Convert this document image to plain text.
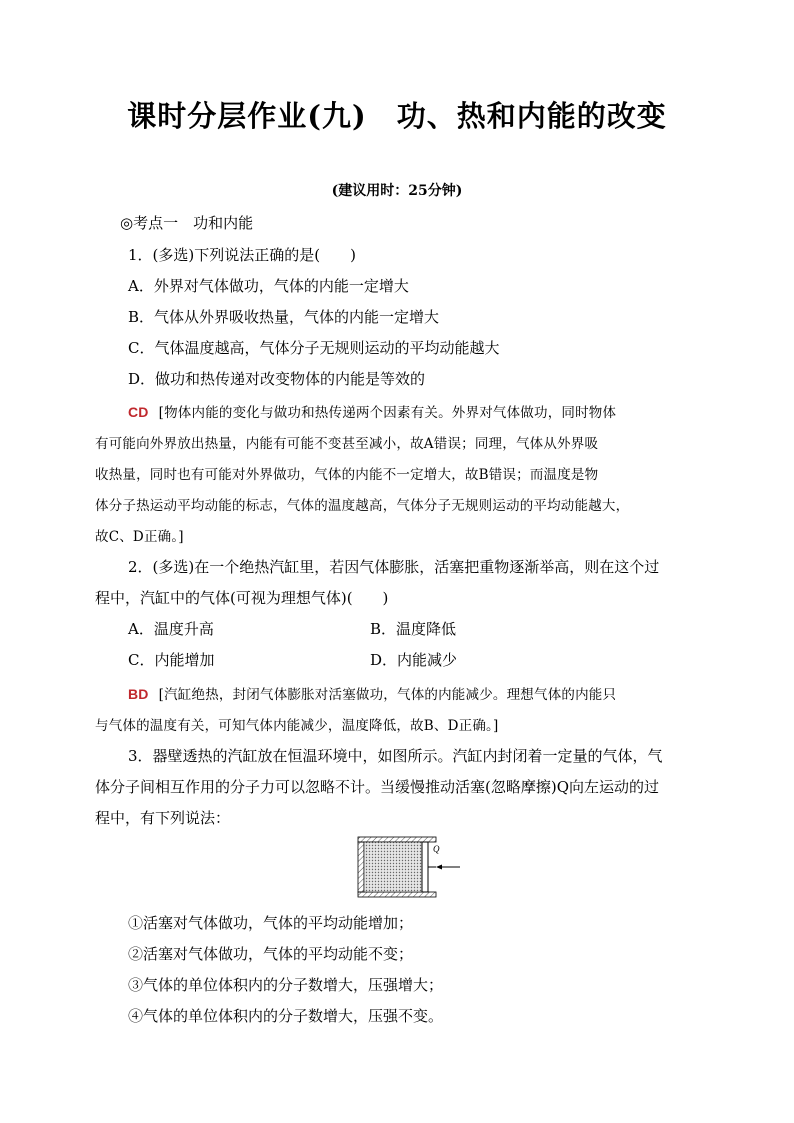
课时分层作业(九)　功、热和内能的改变
(建议用时：25分钟)
◎考点一　功和内能
1．(多选)下列说法正确的是(　　)
A．外界对气体做功，气体的内能一定增大
B．气体从外界吸收热量，气体的内能一定增大
C．气体温度越高，气体分子无规则运动的平均动能越大
D．做功和热传递对改变物体的内能是等效的
CD [物体内能的变化与做功和热传递两个因素有关。外界对气体做功，同时物体
有可能向外界放出热量，内能有可能不变甚至减小，故A错误；同理，气体从外界吸
收热量，同时也有可能对外界做功，气体的内能不一定增大，故B错误；而温度是物
体分子热运动平均动能的标志，气体的温度越高，气体分子无规则运动的平均动能越大，
故C、D正确。]
2．(多选)在一个绝热汽缸里，若因气体膨胀，活塞把重物逐渐举高，则在这个过
程中，汽缸中的气体(可视为理想气体)(　　)
A．温度升高	B．温度降低
C．内能增加	D．内能减少
BD [汽缸绝热，封闭气体膨胀对活塞做功，气体的内能减少。理想气体的内能只
与气体的温度有关，可知气体内能减少，温度降低，故B、D正确。]
3．器壁透热的汽缸放在恒温环境中，如图所示。汽缸内封闭着一定量的气体，气
体分子间相互作用的分子力可以忽略不计。当缓慢推动活塞(忽略摩擦)Q向左运动的过
程中，有下列说法：
Q
①活塞对气体做功，气体的平均动能增加；
②活塞对气体做功，气体的平均动能不变；
③气体的单位体积内的分子数增大，压强增大；
④气体的单位体积内的分子数增大，压强不变。
